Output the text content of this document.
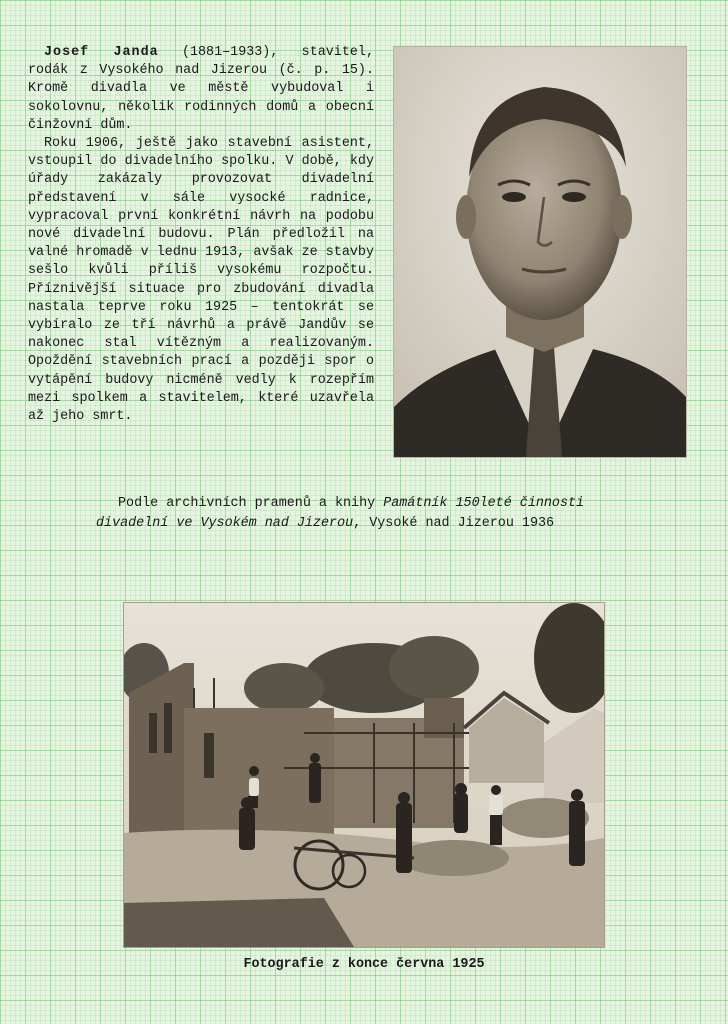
Josef Janda (1881–1933), stavitel, rodák z Vysokého nad Jizerou (č. p. 15). Kromě divadla ve městě vybudoval i sokolovnu, několik rodinných domů a obecní činžovní dům.

Roku 1906, ještě jako stavební asistent, vstoupil do divadelního spolku. V době, kdy úřady zakázaly provozovat divadelní představení v sále vysocké radnice, vypracoval první konkrétní návrh na podobu nové divadelní budovu. Plán předložil na valné hromadě v lednu 1913, avšak ze stavby sešlo kvůli příliš vysokému rozpočtu. Příznivější situace pro zbudování divadla nastala teprve roku 1925 – tentokrát se vybíralo ze tří návrhů a právě Jandův se nakonec stal vítězným a realizovaným. Opoždění stavebních prací a později spor o vytápění budovy nicméně vedly k rozepřím mezi spolkem a stavitelem, které uzavřela až jeho smrt.

Podle archivních pramenů a knihy Památník 150leté činnosti
divadelní ve Vysokém nad Jizerou, Vysoké nad Jizerou 1936
Fotografie z konce června 1925
